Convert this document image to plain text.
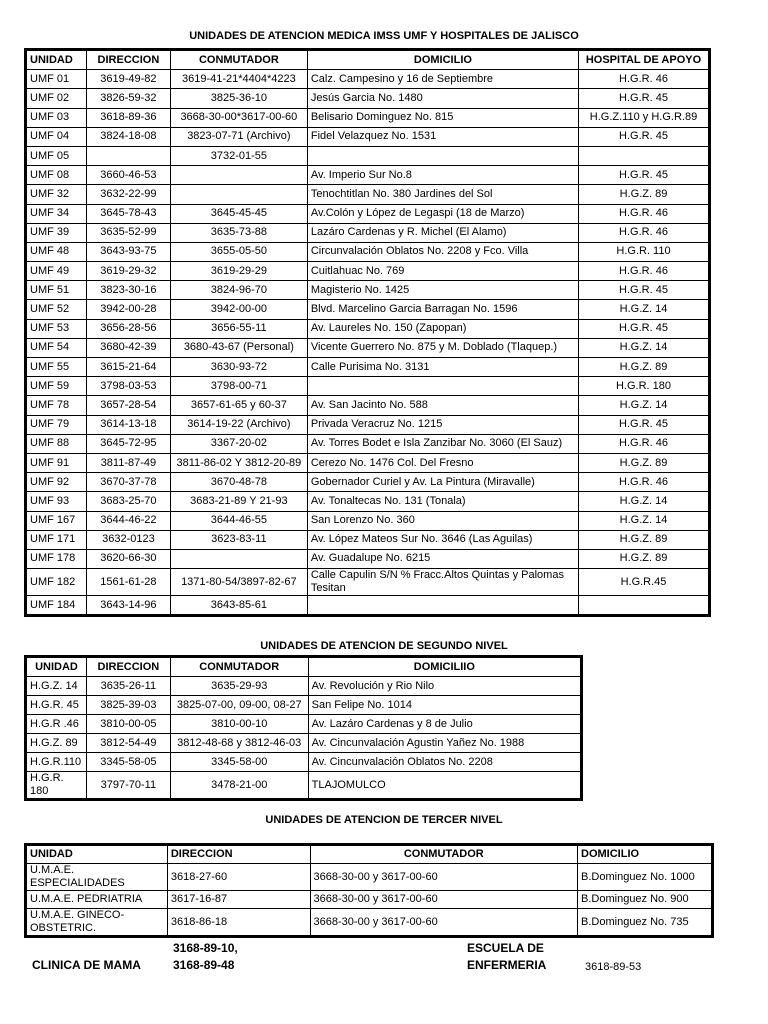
UNIDADES DE ATENCION MEDICA IMSS UMF Y HOSPITALES DE JALISCO
UNIDAD	DIRECCION	CONMUTADOR	DOMICILIO	HOSPITAL DE APOYO
UMF 01	3619-49-82	3619-41-21*4404*4223	Calz. Campesino y 16 de Septiembre	H.G.R. 46
UMF 02	3826-59-32	3825-36-10	Jesús Garcia No. 1480	H.G.R. 45
UMF 03	3618-89-36	3668-30-00*3617-00-60	Belisario Dominguez No. 815	H.G.Z.110 y H.G.R.89
UMF 04	3824-18-08	3823-07-71 (Archivo)	Fidel Velazquez No. 1531	H.G.R. 45
UMF 05		3732-01-55		
UMF 08	3660-46-53		Av. Imperio Sur No.8	H.G.R. 45
UMF 32	3632-22-99		Tenochtitlan No. 380 Jardines del Sol	H.G.Z. 89
UMF 34	3645-78-43	3645-45-45	Av.Colón y López de Legaspi (18 de Marzo)	H.G.R. 46
UMF 39	3635-52-99	3635-73-88	Lazáro Cardenas y R. Michel (El Alamo)	H.G.R. 46
UMF 48	3643-93-75	3655-05-50	Circunvalación Oblatos No. 2208 y Fco. Villa	H.G.R. 110
UMF 49	3619-29-32	3619-29-29	Cuitlahuac No. 769	H.G.R. 46
UMF 51	3823-30-16	3824-96-70	Magisterio No. 1425	H.G.R. 45
UMF 52	3942-00-28	3942-00-00	Blvd. Marcelino Garcia Barragan No. 1596	H.G.Z. 14
UMF 53	3656-28-56	3656-55-11	Av. Laureles No. 150 (Zapopan)	H.G.R. 45
UMF 54	3680-42-39	3680-43-67 (Personal)	Vicente Guerrero No. 875 y M. Doblado (Tlaquep.)	H.G.Z. 14
UMF 55	3615-21-64	3630-93-72	Calle Purisima No. 3131	H.G.Z. 89
UMF 59	3798-03-53	3798-00-71		H.G.R. 180
UMF 78	3657-28-54	3657-61-65 y 60-37	Av. San Jacinto No. 588	H.G.Z. 14
UMF 79	3614-13-18	3614-19-22 (Archivo)	Privada Veracruz No. 1215	H.G.R. 45
UMF 88	3645-72-95	3367-20-02	Av. Torres Bodet e Isla Zanzibar No. 3060 (El Sauz)	H.G.R. 46
UMF 91	3811-87-49	3811-86-02 Y 3812-20-89	Cerezo No. 1476 Col. Del Fresno	H.G.Z. 89
UMF 92	3670-37-78	3670-48-78	Gobernador Curiel y Av. La Pintura (Miravalle)	H.G.R. 46
UMF 93	3683-25-70	3683-21-89 Y 21-93	Av. Tonaltecas No. 131 (Tonala)	H.G.Z. 14
UMF 167	3644-46-22	3644-46-55	San Lorenzo No. 360	H.G.Z. 14
UMF 171	3632-0123	3623-83-11	Av. López Mateos Sur No. 3646 (Las Aguilas)	H.G.Z. 89
UMF 178	3620-66-30		Av. Guadalupe No. 6215	H.G.Z. 89
UMF 182	1561-61-28	1371-80-54/3897-82-67	Calle Capulin S/N % Fracc.Altos Quintas y Palomas Tesitan	H.G.R.45
UMF 184	3643-14-96	3643-85-61		
UNIDADES DE ATENCION DE SEGUNDO NIVEL
UNIDAD	DIRECCION	CONMUTADOR	DOMICILIIO
H.G.Z. 14	3635-26-11	3635-29-93	Av. Revolución y Rio Nilo
H.G.R. 45	3825-39-03	3825-07-00, 09-00, 08-27	San Felipe No. 1014
H.G.R .46	3810-00-05	3810-00-10	Av. Lazáro Cardenas y 8 de Julio
H.G.Z. 89	3812-54-49	3812-48-68 y 3812-46-03	Av. Cincunvalación Agustin Yañez No. 1988
H.G.R.110	3345-58-05	3345-58-00	Av. Cincunvalación Oblatos No. 2208
H.G.R. 180	3797-70-11	3478-21-00	TLAJOMULCO
UNIDADES DE ATENCION DE TERCER NIVEL
UNIDAD	DIRECCION	CONMUTADOR	DOMICILIO
U.M.A.E. ESPECIALIDADES	3618-27-60	3668-30-00 y 3617-00-60	B.Dominguez No. 1000
U.M.A.E. PEDRIATRIA	3617-16-87	3668-30-00 y 3617-00-60	B.Dominguez No. 900
U.M.A.E. GINECO-OBSTETRIC.	3618-86-18	3668-30-00 y 3617-00-60	B.Dominguez No. 735
CLINICA DE MAMA
3168-89-10,
3168-89-48
ESCUELA DE
ENFERMERIA	3618-89-53
